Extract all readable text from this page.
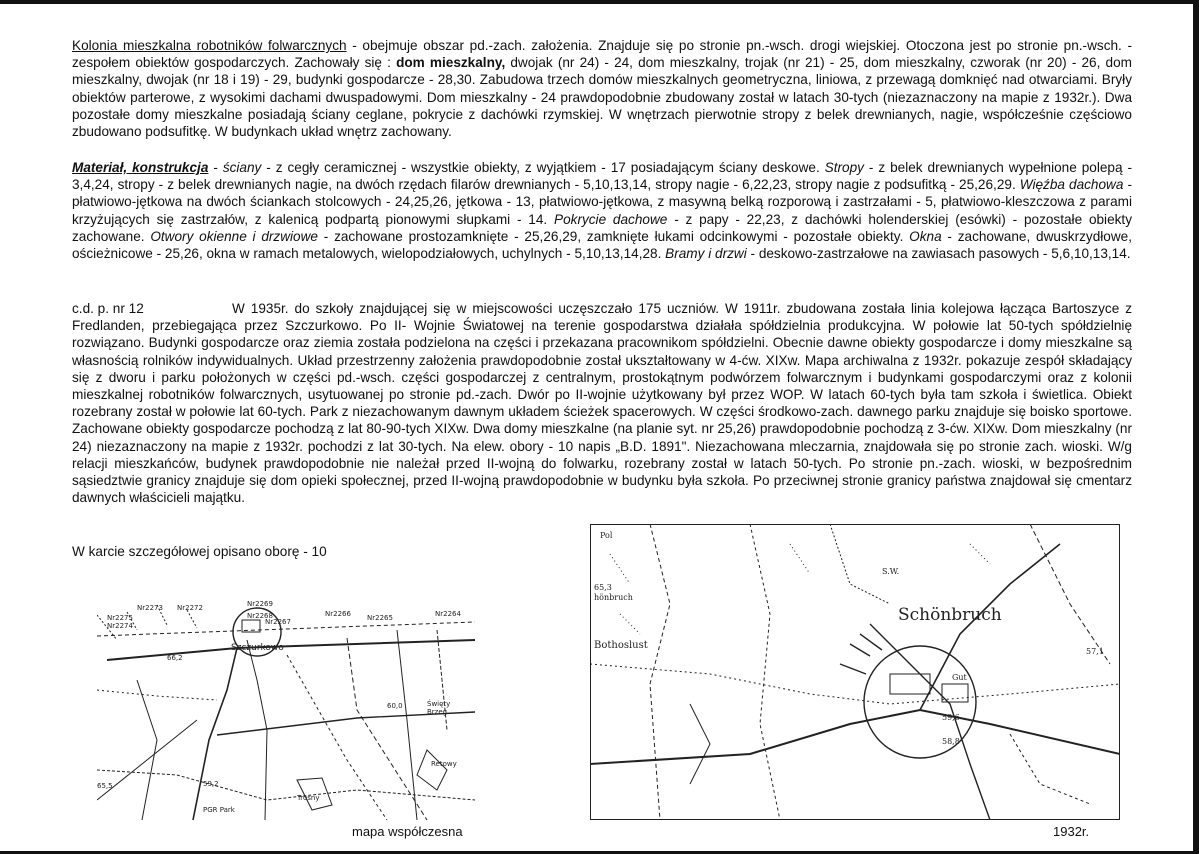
Kolonia mieszkalna robotników folwarcznych - obejmuje obszar pd.-zach. założenia. Znajduje się po stronie pn.-wsch. drogi wiejskiej. Otoczona jest po stronie pn.-wsch. - zespołem obiektów gospodarczych. Zachowały się : dom mieszkalny, dwojak (nr 24) - 24, dom mieszkalny, trojak (nr 21) - 25, dom mieszkalny, czworak (nr 20) - 26, dom mieszkalny, dwojak (nr 18 i 19) - 29, budynki gospodarcze - 28,30. Zabudowa trzech domów mieszkalnych geometryczna, liniowa, z przewagą domknięć nad otwarciami. Bryły obiektów parterowe, z wysokimi dachami dwuspadowymi. Dom mieszkalny - 24 prawdopodobnie zbudowany został w latach 30-tych (niezaznaczony na mapie z 1932r.). Dwa pozostałe domy mieszkalne posiadają ściany ceglane, pokrycie z dachówki rzymskiej. W wnętrzach pierwotnie stropy z belek drewnianych, nagie, współcześnie częściowo zbudowano podsufitkę. W budynkach układ wnętrz zachowany.
Materiał, konstrukcja - ściany - z cegły ceramicznej - wszystkie obiekty, z wyjątkiem - 17 posiadającym ściany deskowe. Stropy - z belek drewnianych wypełnione polepą - 3,4,24, stropy - z belek drewnianych nagie, na dwóch rzędach filarów drewnianych - 5,10,13,14, stropy nagie - 6,22,23, stropy nagie z podsufitką - 25,26,29. Więźba dachowa - płatwiowo-jętkowa na dwóch ściankach stolcowych - 24,25,26, jętkowa - 13, płatwiowo-jętkowa, z masywną belką rozporową i zastrzałami - 5, płatwiowo-kleszczowa z parami krzyżujących się zastrzałów, z kalenicą podpartą pionowymi słupkami - 14. Pokrycie dachowe - z papy - 22,23, z dachówki holenderskiej (esówki) - pozostałe obiekty zachowane. Otwory okienne i drzwiowe - zachowane prostozamknięte - 25,26,29, zamknięte łukami odcinkowymi - pozostałe obiekty. Okna - zachowane, dwuskrzydłowe, ościeżnicowe - 25,26, okna w ramach metalowych, wielopodziałowych, uchylnych - 5,10,13,14,28. Bramy i drzwi - deskowo-zastrzałowe na zawiasach pasowych - 5,6,10,13,14.
c.d. p. nr 12	W 1935r. do szkoły znajdującej się w miejscowości uczęszczało 175 uczniów. W 1911r. zbudowana została linia kolejowa łącząca Bartoszyce z Fredlanden, przebiegająca przez Szczurkowo. Po II- Wojnie Światowej na terenie gospodarstwa działała spółdzielnia produkcyjna. W połowie lat 50-tych spółdzielnię rozwiązano. Budynki gospodarcze oraz ziemia została podzielona na części i przekazana pracownikom spółdzielni. Obecnie dawne obiekty gospodarcze i domy mieszkalne są własnością rolników indywidualnych. Układ przestrzenny założenia prawdopodobnie został ukształtowany w 4-ćw. XIXw. Mapa archiwalna z 1932r. pokazuje zespół składający się z dworu i parku położonych w części pd.-wsch. części gospodarczej z centralnym, prostokątnym podwórzem folwarcznym i budynkami gospodarczymi oraz z kolonii mieszkalnej robotników folwarcznych, usytuowanej po stronie pd.-zach. Dwór po II-wojnie użytkowany był przez WOP. W latach 60-tych była tam szkoła i świetlica. Obiekt rozebrany został w połowie lat 60-tych. Park z niezachowanym dawnym układem ścieżek spacerowych. W części środkowo-zach. dawnego parku znajduje się boisko sportowe. Zachowane obiekty gospodarcze pochodzą z lat 80-90-tych XIXw. Dwa domy mieszkalne (na planie syt. nr 25,26) prawdopodobnie pochodzą z 3-ćw. XIXw. Dom mieszkalny (nr 24) niezaznaczony na mapie z 1932r. pochodzi z lat 30-tych. Na elew. obory - 10 napis „B.D. 1891". Niezachowana mleczarnia, znajdowała się po stronie zach. wioski. W/g relacji mieszkańców, budynek prawdopodobnie nie należał przed II-wojną do folwarku, rozebrany został w latach 50-tych. Po stronie pn.-zach. wioski, w bezpośrednim sąsiedztwie granicy znajduje się dom opieki społecznej, przed II-wojną prawdopodobnie w budynku była szkoła. Po przeciwnej stronie granicy państwa znajdował się cmentarz dawnych właścicieli majątku.
W karcie szczegółowej opisano oborę - 10
Nr2273 Nr2272
Nr2275
Nr2274
Nr2269
Nr2268
Nr2267
Nr2266 Nr2265	Nr2264
Szczurkowo
66,2
60,0	Święty
Brzeg
65,5	59,2
Retowy
PGR Park
Trosny
mapa współczesna
Pol
65,3
hönbruch
S.W.
Schönbruch
Bothoslust
Gut
57,1
59,6
58,8
1932r.
